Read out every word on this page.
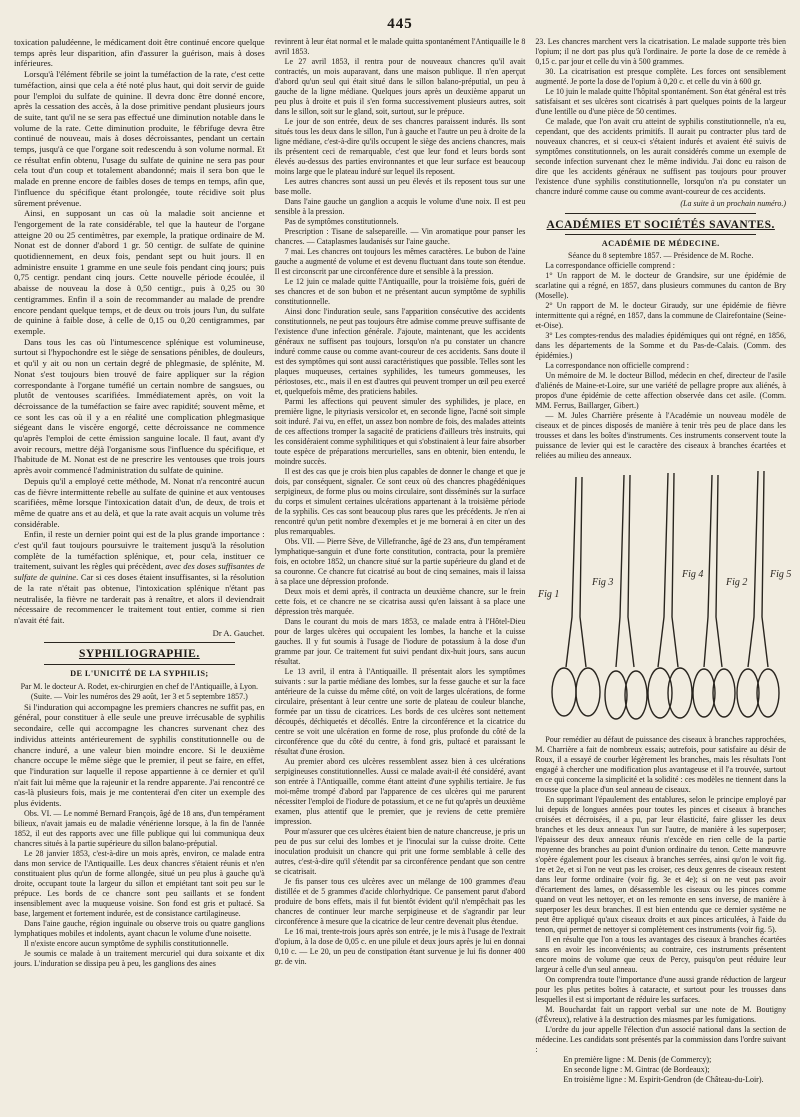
445

toxication paludéenne, le médicament doit être continué encore quelque temps après leur disparition, afin d'assurer la guérison, mais à doses inférieures.

Lorsqu'à l'élément fébrile se joint la tuméfaction de la rate, c'est cette tuméfaction, ainsi que cela a été noté plus haut, qui doit servir de guide pour l'emploi du sulfate de quinine. Il devra donc être donné encore, après la cessation des accès, à la dose primitive pendant plusieurs jours de suite, tant qu'il ne se sera pas effectué une diminution notable dans le volume de la rate. Cette diminution produite, le fébrifuge devra être continué de nouveau, mais à doses décroissantes, pendant un certain temps, jusqu'à ce que l'organe soit redescendu à son volume normal. Et ce résultat enfin obtenu, l'usage du sulfate de quinine ne sera pas pour cela tout d'un coup et totalement abandonné; mais il sera bon que le malade en prenne encore de faibles doses de temps en temps, afin que, l'influence du spécifique étant prolongée, toute récidive soit plus sûrement prévenue.

Ainsi, en supposant un cas où la maladie soit ancienne et l'engorgement de la rate considérable, tel que la hauteur de l'organe atteigne 20 ou 25 centimètres, par exemple, la pratique ordinaire de M. Nonat est de donner d'abord 1 gr. 50 centigr. de sulfate de quinine quotidiennement, en deux fois, pendant sept ou huit jours. Il en administre ensuite 1 gramme en une seule fois pendant cinq jours; puis 0,75 centigr. pendant cinq jours. Cette nouvelle période écoulée, il abaisse de nouveau la dose à 0,50 centigr., puis à 0,25 ou 30 centigrammes. Enfin il a soin de recommander au malade de prendre encore pendant quelque temps, et de deux ou trois jours l'un, du sulfate de quinine à faible dose, à celle de 0,15 ou 0,20 centigrammes, par exemple.

Dans tous les cas où l'intumescence splénique est volumineuse, surtout si l'hypochondre est le siège de sensations pénibles, de douleurs, et qu'il y ait ou non un certain degré de phlegmasie, de splénite, M. Nonat s'est toujours bien trouvé de faire appliquer sur la région correspondante à l'organe tuméfié un certain nombre de sangsues, ou plutôt de ventouses scarifiées. Immédiatement après, on voit la décroissance de la tuméfaction se faire avec rapidité; souvent même, et ce sont les cas où il y a en réalité une complication phlegmasique siégeant dans le viscère engorgé, cette décroissance ne commence qu'après l'emploi de cette émission sanguine locale. Il faut, avant d'y avoir recours, mettre déjà l'organisme sous l'influence du spécifique, et l'habitude de M. Nonat est de ne prescrire les ventouses que trois jours après avoir commencé l'administration du sulfate de quinine.

Depuis qu'il a employé cette méthode, M. Nonat n'a rencontré aucun cas de fièvre intermittente rebelle au sulfate de quinine et aux ventouses scarifiées, même lorsque l'intoxication datait d'un, de deux, de trois et même de quatre ans et au delà, et que la rate avait acquis un volume très considérable.

Enfin, il reste un dernier point qui est de la plus grande importance : c'est qu'il faut toujours poursuivre le traitement jusqu'à la résolution complète de la tuméfaction splénique, et, pour cela, instituer ce traitement, suivant les règles qui précèdent, avec des doses suffisantes de sulfate de quinine. Car si ces doses étaient insuffisantes, si la résolution de la rate n'était pas obtenue, l'intoxication splénique n'étant pas neutralisée, la fièvre ne tarderait pas à renaître, et alors il deviendrait nécessaire de recommencer le traitement tout entier, comme si rien n'avait été fait.

Dr A. Gauchet.
SYPHILIOGRAPHIE.
DE L'UNICITÉ DE LA SYPHILIS;

Par M. le docteur A. Rodet, ex-chirurgien en chef de l'Antiquaille, à Lyon.

(Suite. — Voir les numéros des 29 août, 1er 3 et 5 septembre 1857.)

Si l'induration qui accompagne les premiers chancres ne suffit pas, en général, pour constituer à elle seule une preuve irrécusable de syphilis secondaire, celle qui accompagne les chancres survenant chez des individus atteints antérieurement de syphilis constitutionnelle ou de chancre induré, a une valeur bien moindre encore. Si le deuxième chancre occupe le même siège que le premier, il peut se faire, en effet, que l'induration sur laquelle il repose appartienne à ce dernier et qu'il n'ait fait lui même que la rajeunir et la rendre apparente. J'ai rencontré ce cas-là plusieurs fois, mais je me contenterai d'en citer un exemple des plus évidents.

Obs. VI. — Le nommé Bernard François, âgé de 18 ans, d'un tempérament bilieux, n'avait jamais eu de maladie vénérienne lorsque, à la fin de l'année 1852, il eut des rapports avec une fille publique qui lui communiqua deux chancres situés à la partie supérieure du sillon balano-préputial.

Le 28 janvier 1853, c'est-à-dire un mois après, environ, ce malade entra dans mon service de l'Antiquaille. Les deux chancres s'étaient réunis et n'en constituaient plus qu'un de forme allongée, situé un peu plus à gauche qu'à droite, occupant toute la largeur du sillon et empiétant tant soit peu sur le prépuce. Les bords de ce chancre sont peu saillants et se fondent insensiblement avec la muqueuse voisine. Son fond est gris et pultacé. Sa base, largement et fortement indurée, est de consistance cartilagineuse.

Dans l'aine gauche, région inguinale ou observe trois ou quatre ganglions lymphatiques mobiles et indolents, ayant chacun le volume d'une noisette.

Il n'existe encore aucun symptôme de syphilis constitutionnelle.

Je soumis ce malade à un traitement mercuriel qui dura soixante et dix jours. L'induration se dissipa peu à peu, les ganglions des aines

revinrent à leur état normal et le malade quitta spontanément l'Antiquaille le 8 avril 1853.

Le 27 avril 1853, il rentra pour de nouveaux chancres qu'il avait contractés, un mois auparavant, dans une maison publique. Il n'en aperçut d'abord qu'un seul qui était situé dans le sillon balano-préputial, un peu à gauche de la ligne médiane. Quelques jours après un deuxième apparut un peu plus à droite et puis il s'en forma successivement plusieurs autres, soit dans le sillon, soit sur le gland, soit, surtout, sur le prépuce.

Le jour de son entrée, deux de ses chancres paraissent indurés. Ils sont situés tous les deux dans le sillon, l'un à gauche et l'autre un peu à droite de la ligne médiane, c'est-à-dire qu'ils occupent le siège des anciens chancres, mais ils présentent ceci de remarquable, c'est que leur fond et leurs bords sont élevés au-dessus des parties environnantes et que leur surface est beaucoup moins large que le plateau induré sur lequel ils reposent.

Les autres chancres sont aussi un peu élevés et ils reposent tous sur une base molle.

Dans l'aine gauche un ganglion a acquis le volume d'une noix. Il est peu sensible à la pression.

Pas de symptômes constitutionnels.

Prescription : Tisane de salsepareille. — Vin aromatique pour panser les chancres. — Cataplasmes laudanisés sur l'aine gauche.

7 mai. Les chancres ont toujours les mêmes caractères. Le bubon de l'aine gauche a augmenté de volume et est devenu fluctuant dans toute son étendue. Il est circonscrit par une circonférence dure et sensible à la pression.

Le 12 juin ce malade quitte l'Antiquaille, pour la troisième fois, guéri de ses chancres et de son bubon et ne présentant aucun symptôme de syphilis constitutionnelle.

Ainsi donc l'induration seule, sans l'apparition consécutive des accidents constitutionnels, ne peut pas toujours être admise comme preuve suffisante de l'existence d'une infection générale. J'ajoute, maintenant, que les accidents généraux ne suffisent pas toujours, lorsqu'on n'a pu constater un chancre induré comme cause ou comme avant-coureur de ces accidents. Sans doute il est des symptômes qui sont aussi caractéristiques que possible. Telles sont les plaques muqueuses, certaines syphilides, les tumeurs gommeuses, les périostoses, etc., mais il en est d'autres qui peuvent tromper un œil peu exercé et, quelquefois même, des praticiens habiles.

Parmi les affections qui peuvent simuler des syphilides, je place, en première ligne, le pityriasis versicolor et, en seconde ligne, l'acné soit simple soit induré. J'ai vu, en effet, un assez bon nombre de fois, des malades atteints de ces affections tromper la sagacité de praticiens d'ailleurs très instruits, qui les considéraient comme syphilitiques et qui s'obstinaient à leur faire absorber toute espèce de préparations mercurielles, sans en obtenir, bien entendu, le moindre succès.

Il est des cas que je crois bien plus capables de donner le change et que je dois, par conséquent, signaler. Ce sont ceux où des chancres phagédéniques serpigineux, de forme plus ou moins circulaire, sont disséminés sur la surface du corps et simulent certaines ulcérations appartenant à la troisième période de la syphilis. Ces cas sont beaucoup plus rares que les précédents. Je n'en ai rencontré qu'un petit nombre d'exemples et je me bornerai à en citer un des plus remarquables.

Obs. VII. — Pierre Sève, de Villefranche, âgé de 23 ans, d'un tempérament lymphatique-sanguin et d'une forte constitution, contracta, pour la première fois, en octobre 1852, un chancre situé sur la partie supérieure du gland et de sa couronne. Ce chancre fut cicatrisé au bout de cinq semaines, mais il laissa à sa place une dépression profonde.

Deux mois et demi après, il contracta un deuxième chancre, sur le frein cette fois, et ce chancre ne se cicatrisa aussi qu'en laissant à sa place une dépression très marquée.

Dans le courant du mois de mars 1853, ce malade entra à l'Hôtel-Dieu pour de larges ulcères qui occupaient les lombes, la hanche et la cuisse gauches. Il y fut soumis à l'usage de l'iodure de potassium à la dose d'un gramme par jour. Ce traitement fut suivi pendant dix-huit jours, sans aucun résultat.

Le 13 avril, il entra à l'Antiquaille. Il présentait alors les symptômes suivants : sur la partie médiane des lombes, sur la fesse gauche et sur la face antérieure de la cuisse du même côté, on voit de larges ulcérations, de forme circulaire, présentant à leur centre une sorte de plateau de couleur blanche, formée par un tissu de cicatrices. Les bords de ces ulcères sont nettement découpés, déchiquetés et décollés. Entre la circonférence et la cicatrice du centre se voit une ulcération en forme de rose, plus profonde du côté de la circonférence que du côté du centre, à fond gris, pultacé et paraissant le résultat d'une érosion.

Au premier abord ces ulcères ressemblent assez bien à ces ulcérations serpigineuses constitutionnelles. Aussi ce malade avait-il été considéré, avant son entrée à l'Antiquaille, comme étant atteint d'une syphilis tertiaire. Je fus moi-même trompé d'abord par l'apparence de ces ulcères qui me parurent nécessiter l'emploi de l'iodure de potassium, et ce ne fut qu'après un deuxième examen, plus attentif que le premier, que je reviens de cette première impression.

Pour m'assurer que ces ulcères étaient bien de nature chancreuse, je pris un peu de pus sur celui des lombes et je l'inoculai sur la cuisse droite. Cette inoculation produisit un chancre qui prit une forme semblable à celle des autres, c'est-à-dire qu'il s'étendit par sa circonférence pendant que son centre se cicatrisait.

Je fis panser tous ces ulcères avec un mélange de 100 grammes d'eau distillée et de 5 grammes d'acide chlorhydrique. Ce pansement parut d'abord produire de bons effets, mais il fut bientôt évident qu'il n'empêchait pas les chancres de continuer leur marche serpigineuse et de s'agrandir par leur circonférence à mesure que la cicatrice de leur centre devenait plus étendue.

Le 16 mai, trente-trois jours après son entrée, je le mis à l'usage de l'extrait d'opium, à la dose de 0,05 c. en une pilule et deux jours après je lui en donnai 0,10 c. — Le 20, un peu de constipation étant survenue je lui fis donner 400 gr. de vin.

23. Les chancres marchent vers la cicatrisation. Le malade supporte très bien l'opium; il ne dort pas plus qu'à l'ordinaire. Je porte la dose de ce remède à 0,15 c. par jour et celle du vin à 500 grammes.

30. La cicatrisation est presque complète. Les forces ont sensiblement augmenté. Je porte la dose de l'opium à 0,20 c. et celle du vin à 600 gr.

Le 10 juin le malade quitte l'hôpital spontanément. Son état général est très satisfaisant et ses ulcères sont cicatrisés à part quelques points de la largeur d'une lentille ou d'une pièce de 50 centimes.

Ce malade, que l'on avait cru atteint de syphilis constitutionnelle, n'a eu, cependant, que des accidents primitifs. Il aurait pu contracter plus tard de nouveaux chancres, et si ceux-ci s'étaient indurés et avaient été suivis de symptômes constitutionnels, on les aurait considérés comme un exemple de seconde infection survenant chez le même individu. J'ai donc eu raison de dire que les accidents généraux ne suffisent pas toujours pour prouver l'existence d'une syphilis constitutionnelle, lorsqu'on n'a pu constater un chancre induré comme cause ou comme avant-coureur de ces accidents.

(La suite à un prochain numéro.)
ACADÉMIES ET SOCIÉTÉS SAVANTES.
ACADÉMIE DE MÉDECINE.

Séance du 8 septembre 1857. — Présidence de M. Roche.

La correspondance officielle comprend :

1° Un rapport de M. le docteur de Grandsire, sur une épidémie de scarlatine qui a régné, en 1857, dans plusieurs communes du canton de Bry (Moselle).

2° Un rapport de M. le docteur Giraudy, sur une épidémie de fièvre intermittente qui a régné, en 1857, dans la commune de Clairefontaine (Seine-et-Oise).

3° Les comptes-rendus des maladies épidémiques qui ont régné, en 1856, dans les départements de la Somme et du Pas-de-Calais. (Comm. des épidémies.)

La correspondance non officielle comprend :

Un mémoire de M. le docteur Billod, médecin en chef, directeur de l'asile d'aliénés de Maine-et-Loire, sur une variété de pellagre propre aux aliénés, à propos d'une épidémie de cette affection observée dans cet asile. (Comm. MM. Ferrus, Baillarger, Gibert.)

— M. Jules Charrière présente à l'Académie un nouveau modèle de ciseaux et de pinces disposés de manière à tenir très peu de place dans les trousses et dans les boîtes d'instruments. Ces instruments conservent toute la puissance de levier qui est le caractère des ciseaux à branches écartées et reliées au milieu des anneaux.

Fig 1
Fig 3
Fig 4
Fig 2
Fig 5

Pour remédier au défaut de puissance des ciseaux à branches rapprochées, M. Charrière a fait de nombreux essais; autrefois, pour satisfaire au désir de Roux, il a essayé de courber légèrement les branches, mais les résultats l'ont engagé à chercher une modification plus avantageuse et il l'a trouvée, surtout en ce qui concerne la simplicité et la solidité : ces modèles ne tiennent dans la trousse que la place d'un seul anneau de ciseaux.

En supprimant l'épaulement des entablures, selon le principe employé par lui depuis de longues années pour toutes les pinces et ciseaux à branches croisées et décroisées, il a pu, par leur élasticité, faire glisser les deux branches et les deux anneaux l'un sur l'autre, de manière à les superposer; l'épaisseur des deux anneaux réunis n'excède en rien celle de la partie moyenne des branches au point d'union ordinaire du tenon. Cette manœuvre s'opère également pour les ciseaux à branches serrées, ainsi qu'on le voit fig. 1re et 2e, et si l'on ne veut pas les croiser, ces deux genres de ciseaux restent dans leur forme ordinaire (voir fig. 3e et 4e); si on ne veut pas avoir d'écartement des lames, on désassemble les ciseaux ou les pinces comme quand on veut les nettoyer, et on les remonte en sens inverse, de manière à superposer les deux branches. Il est bien entendu que ce dernier système ne peut être appliqué qu'aux ciseaux droits et aux pinces articulées, à l'aide du tenon, qui permet de nettoyer si complètement ces instruments (voir fig. 5).

Il en résulte que l'on a tous les avantages des ciseaux à branches écartées sans en avoir les inconvénients; au contraire, ces instruments présentent encore moins de volume que ceux de Percy, puisqu'on peut réduire leur largeur à celle d'un seul anneau.

On comprendra toute l'importance d'une aussi grande réduction de largeur pour les plus petites boîtes à cataracte, et surtout pour les trousses dans lesquelles il est si important de réduire les surfaces.

M. Bouchardat fait un rapport verbal sur une note de M. Boutigny (d'Évreux), relative à la destruction des miasmes par les fumigations.

L'ordre du jour appelle l'élection d'un associé national dans la section de médecine. Les candidats sont présentés par la commission dans l'ordre suivant :

En première ligne : M. Denis (de Commercy);

En seconde ligne : M. Gintrac (de Bordeaux);

En troisième ligne : M. Espirit-Gendron (de Château-du-Loir).
